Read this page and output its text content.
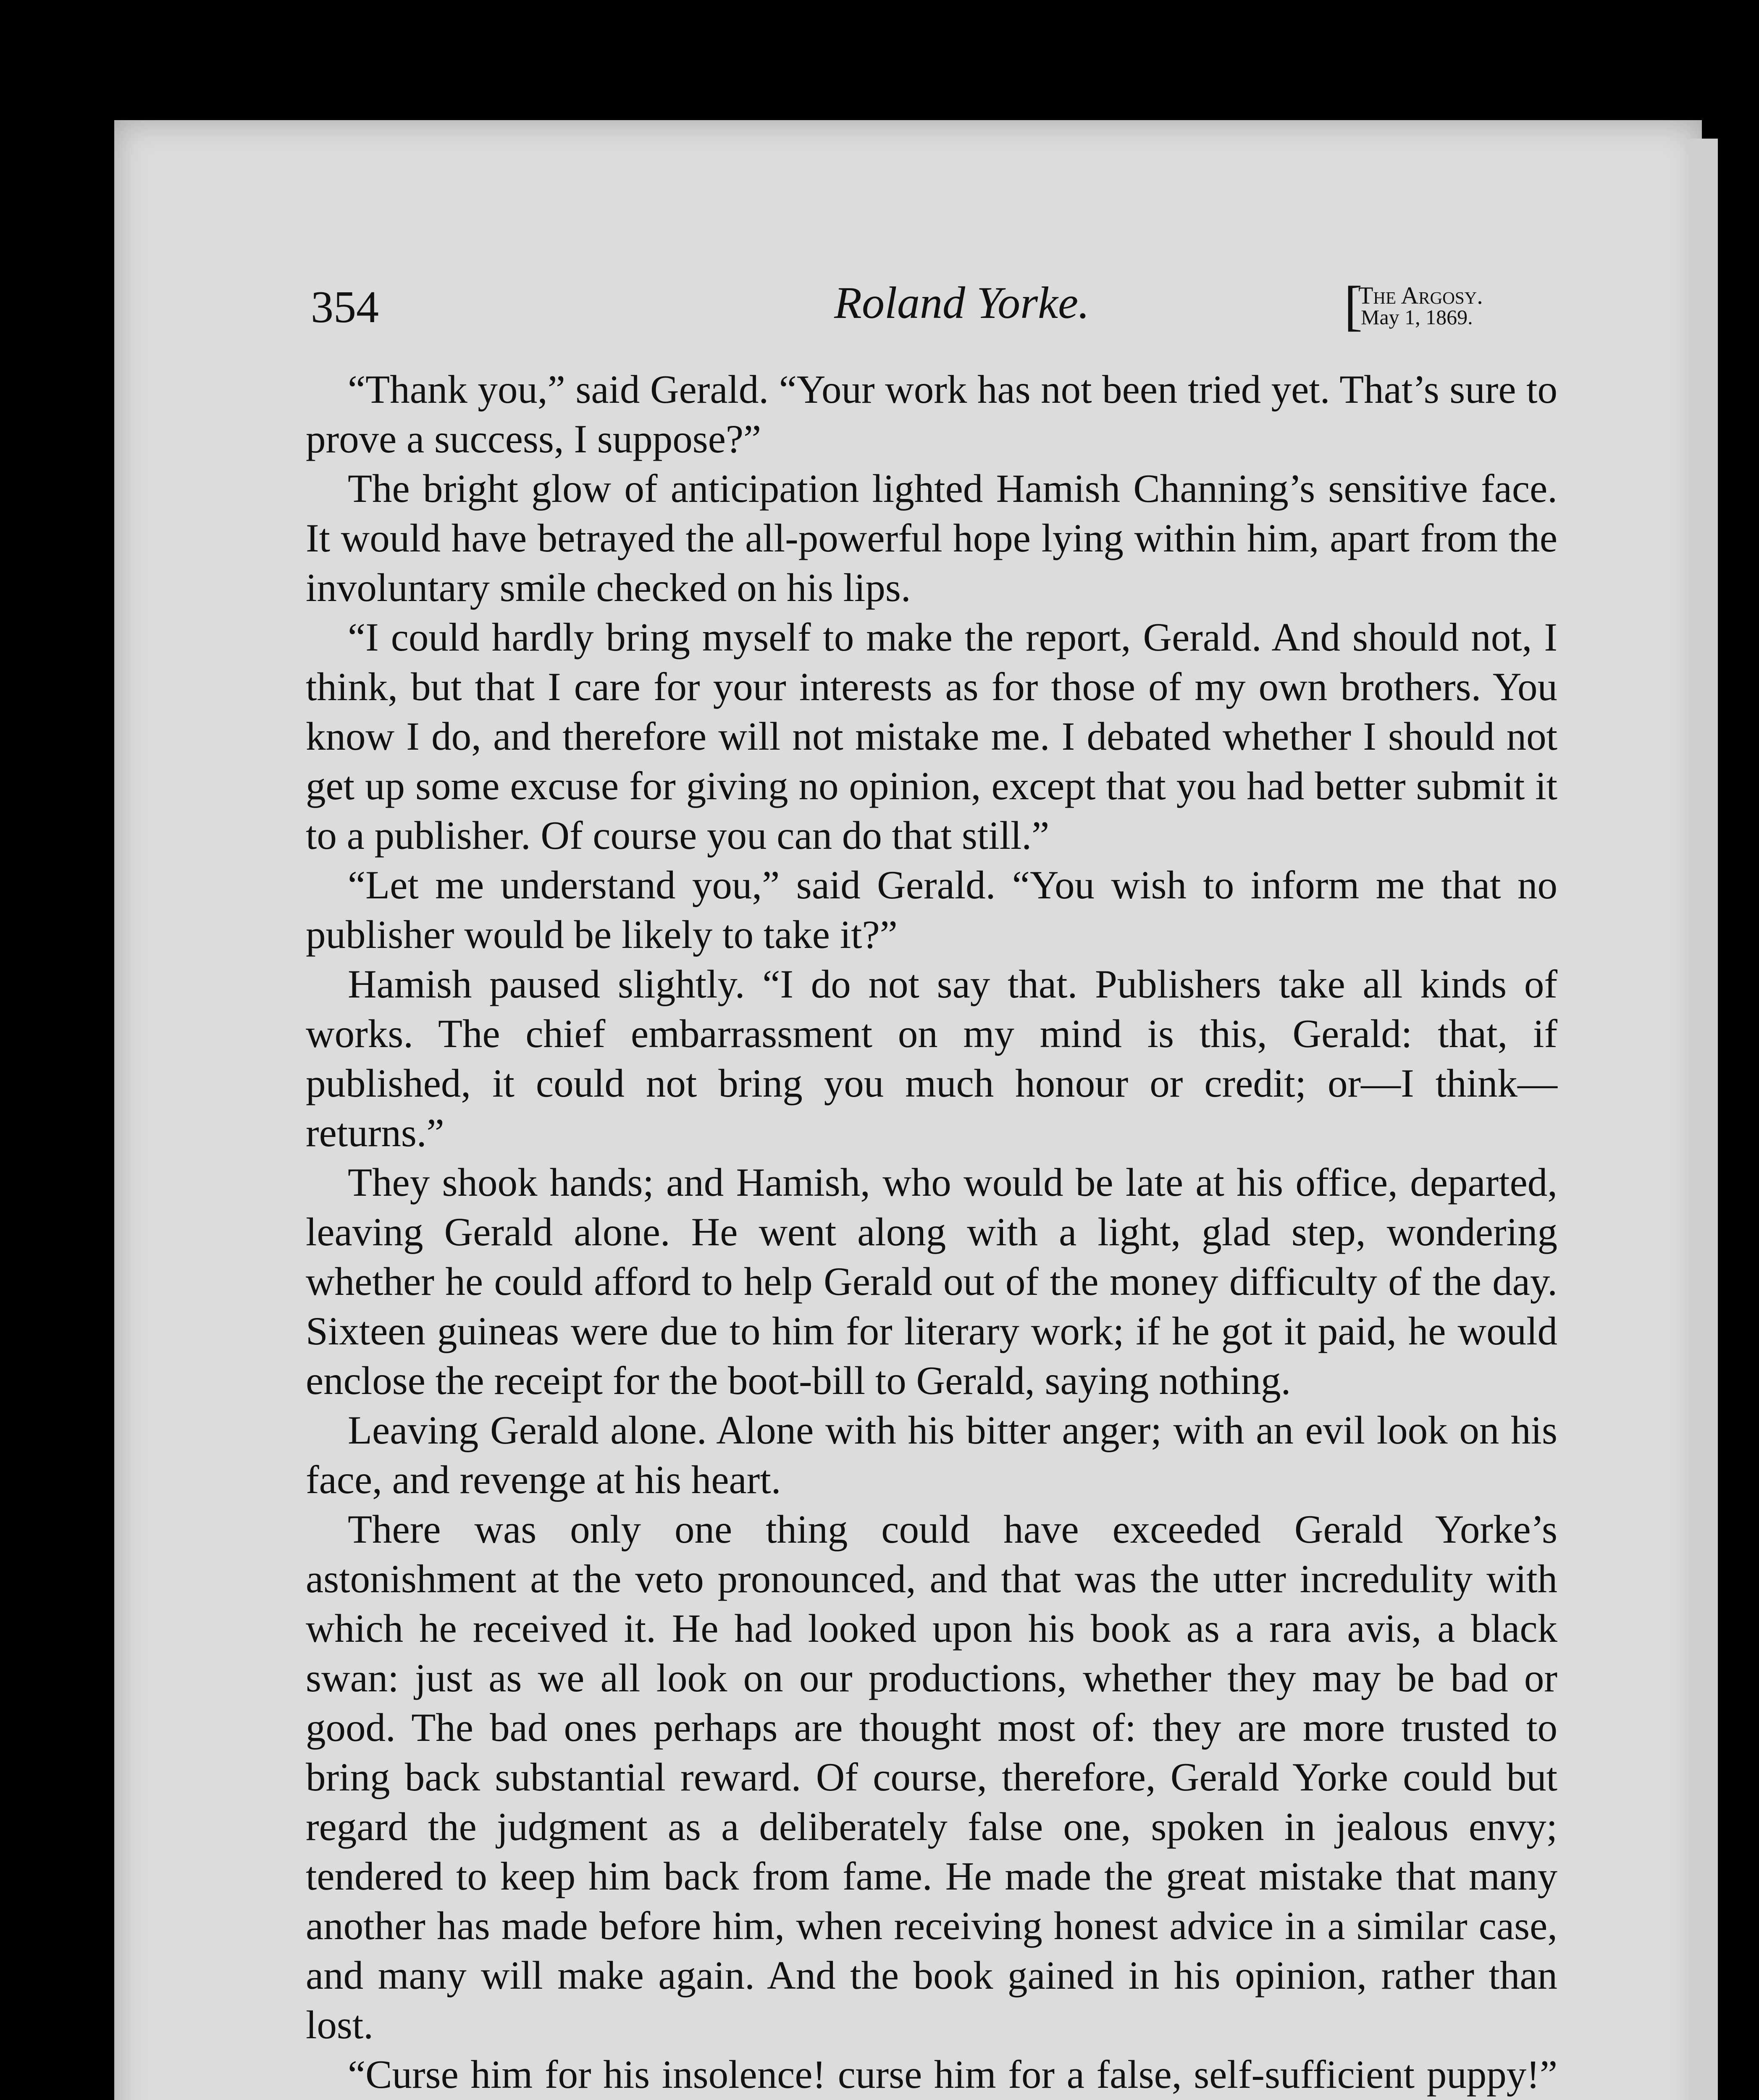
354	Roland Yorke.	[
The Argosy.
May 1, 1869.

“Thank you,” said Gerald. “Your work has not been tried yet. That’s sure to prove a success, I suppose?”

The bright glow of anticipation lighted Hamish Channing’s sensitive face. It would have betrayed the all-powerful hope lying within him, apart from the involuntary smile checked on his lips.

“I could hardly bring myself to make the report, Gerald. And should not, I think, but that I care for your interests as for those of my own brothers. You know I do, and therefore will not mistake me. I debated whether I should not get up some excuse for giving no opinion, except that you had better submit it to a publisher. Of course you can do that still.”

“Let me understand you,” said Gerald. “You wish to inform me that no publisher would be likely to take it?”

Hamish paused slightly. “I do not say that. Publishers take all kinds of works. The chief embarrassment on my mind is this, Gerald: that, if published, it could not bring you much honour or credit; or—I think—returns.”

They shook hands; and Hamish, who would be late at his office, departed, leaving Gerald alone. He went along with a light, glad step, wondering whether he could afford to help Gerald out of the money difficulty of the day. Sixteen guineas were due to him for literary work; if he got it paid, he would enclose the receipt for the boot-bill to Gerald, saying nothing.

Leaving Gerald alone. Alone with his bitter anger; with an evil look on his face, and revenge at his heart.

There was only one thing could have exceeded Gerald Yorke’s astonishment at the veto pronounced, and that was the utter incredulity with which he received it. He had looked upon his book as a rara avis, a black swan: just as we all look on our productions, whether they may be bad or good. The bad ones perhaps are thought most of: they are more trusted to bring back substantial reward. Of course, therefore, Gerald Yorke could but regard the judgment as a deliberately false one, spoken in jealous envy; tendered to keep him back from fame. He made the great mistake that many another has made before him, when receiving honest advice in a similar case, and many will make again. And the book gained in his opinion, rather than lost.

“Curse him for his insolence! curse him for a false, self-sufficient puppy!”
